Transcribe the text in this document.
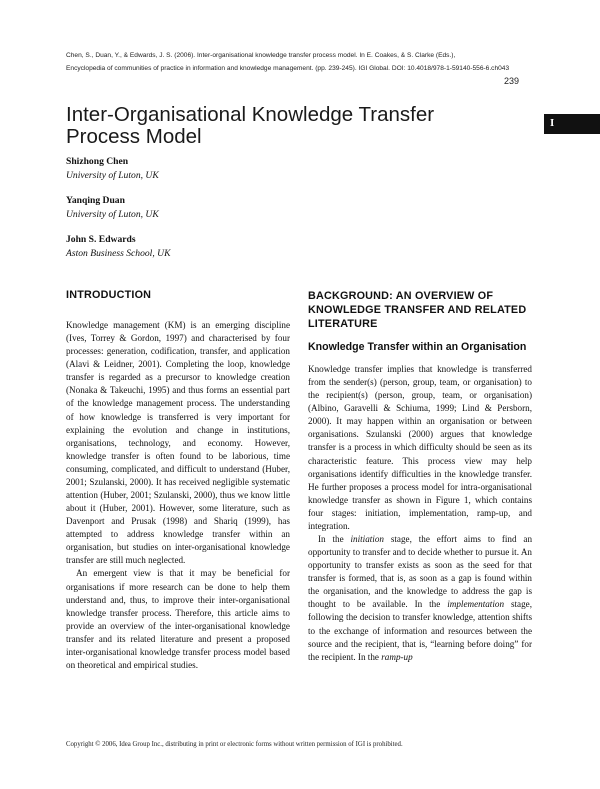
Chen, S., Duan, Y., & Edwards, J. S. (2006). Inter-organisational knowledge transfer process model. In E. Coakes, & S. Clarke (Eds.),
Encyclopedia of communities of practice in information and knowledge management. (pp. 239-245). IGI Global. DOI: 10.4018/978-1-59140-556-6.ch043
239
I
Inter-Organisational Knowledge Transfer
Process Model
Shizhong Chen
University of Luton, UK
Yanqing Duan
University of Luton, UK
John S. Edwards
Aston Business School, UK
INTRODUCTION

Knowledge management (KM) is an emerging discipline (Ives, Torrey & Gordon, 1997) and characterised by four processes: generation, codification, transfer, and application (Alavi & Leidner, 2001). Completing the loop, knowledge transfer is regarded as a precursor to knowledge creation (Nonaka & Takeuchi, 1995) and thus forms an essential part of the knowledge management process. The understanding of how knowledge is transferred is very important for explaining the evolution and change in institutions, organisations, technology, and economy. However, knowledge transfer is often found to be laborious, time consuming, complicated, and difficult to understand (Huber, 2001; Szulanski, 2000). It has received negligible systematic attention (Huber, 2001; Szulanski, 2000), thus we know little about it (Huber, 2001). However, some literature, such as Davenport and Prusak (1998) and Shariq (1999), has attempted to address knowledge transfer within an organisation, but studies on inter-organisational knowledge transfer are still much neglected.

An emergent view is that it may be beneficial for organisations if more research can be done to help them understand and, thus, to improve their inter-organisational knowledge transfer process. Therefore, this article aims to provide an overview of the inter-organisational knowledge transfer and its related literature and present a proposed inter-organisational knowledge transfer process model based on theoretical and empirical studies.

BACKGROUND: AN OVERVIEW OF KNOWLEDGE TRANSFER AND RELATED LITERATURE
Knowledge Transfer within an Organisation

Knowledge transfer implies that knowledge is transferred from the sender(s) (person, group, team, or organisation) to the recipient(s) (person, group, team, or organisation) (Albino, Garavelli & Schiuma, 1999; Lind & Persborn, 2000). It may happen within an organisation or between organisations. Szulanski (2000) argues that knowledge transfer is a process in which difficulty should be seen as its characteristic feature. This process view may help organisations identify difficulties in the knowledge transfer. He further proposes a process model for intra-organisational knowledge transfer as shown in Figure 1, which contains four stages: initiation, implementation, ramp-up, and integration.

In the initiation stage, the effort aims to find an opportunity to transfer and to decide whether to pursue it. An opportunity to transfer exists as soon as the seed for that transfer is formed, that is, as soon as a gap is found within the organisation, and the knowledge to address the gap is thought to be available. In the implementation stage, following the decision to transfer knowledge, attention shifts to the exchange of information and resources between the source and the recipient, that is, “learning before doing” for the recipient. In the ramp-up

Copyright © 2006, Idea Group Inc., distributing in print or electronic forms without written permission of IGI is prohibited.
